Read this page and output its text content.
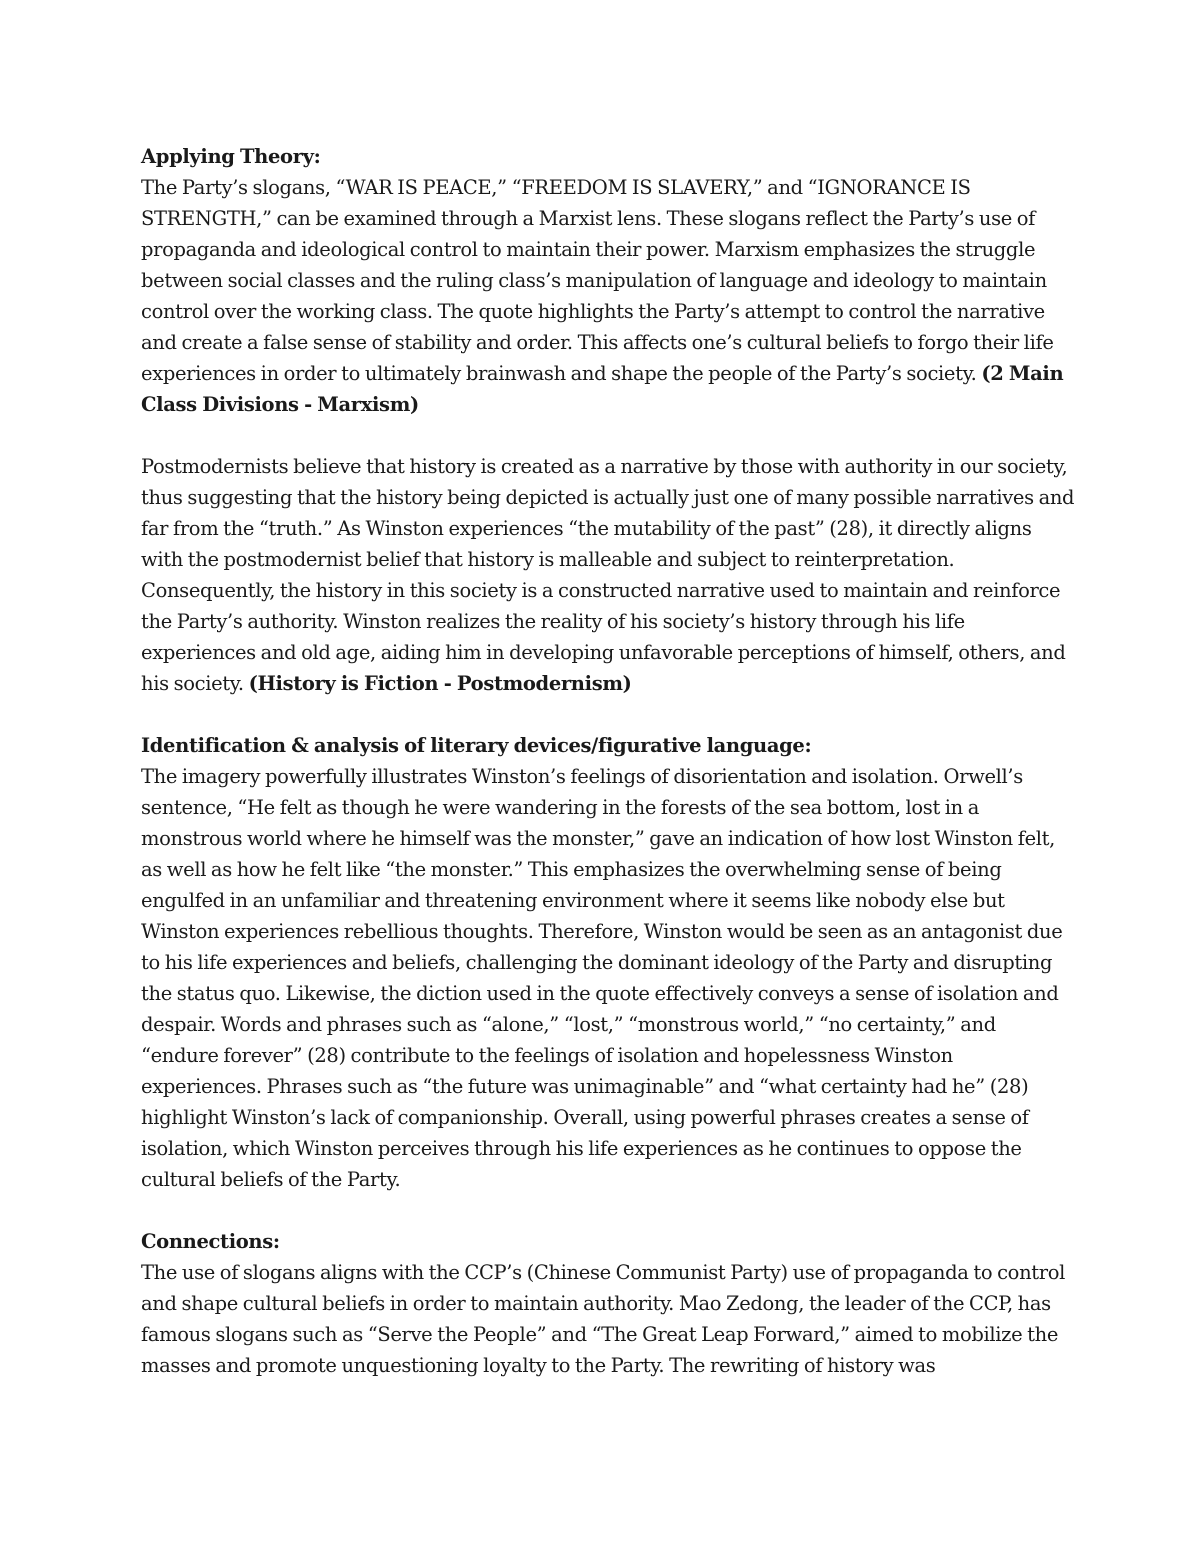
Applying Theory:

The Party’s slogans, “WAR IS PEACE,” “FREEDOM IS SLAVERY,” and “IGNORANCE IS STRENGTH,” can be examined through a Marxist lens. These slogans reflect the Party’s use of propaganda and ideological control to maintain their power. Marxism emphasizes the struggle between social classes and the ruling class’s manipulation of language and ideology to maintain control over the working class. The quote highlights the Party’s attempt to control the narrative and create a false sense of stability and order. This affects one’s cultural beliefs to forgo their life experiences in order to ultimately brainwash and shape the people of the Party’s society. (2 Main Class Divisions - Marxism)

Postmodernists believe that history is created as a narrative by those with authority in our society, thus suggesting that the history being depicted is actually just one of many possible narratives and far from the “truth.” As Winston experiences “the mutability of the past” (28), it directly aligns with the postmodernist belief that history is malleable and subject to reinterpretation. Consequently, the history in this society is a constructed narrative used to maintain and reinforce the Party’s authority. Winston realizes the reality of his society’s history through his life experiences and old age, aiding him in developing unfavorable perceptions of himself, others, and his society. (History is Fiction - Postmodernism)

Identification & analysis of literary devices/figurative language:

The imagery powerfully illustrates Winston’s feelings of disorientation and isolation. Orwell’s sentence, “He felt as though he were wandering in the forests of the sea bottom, lost in a monstrous world where he himself was the monster,” gave an indication of how lost Winston felt, as well as how he felt like “the monster.” This emphasizes the overwhelming sense of being engulfed in an unfamiliar and threatening environment where it seems like nobody else but Winston experiences rebellious thoughts. Therefore, Winston would be seen as an antagonist due to his life experiences and beliefs, challenging the dominant ideology of the Party and disrupting the status quo. Likewise, the diction used in the quote effectively conveys a sense of isolation and despair. Words and phrases such as “alone,” “lost,” “monstrous world,” “no certainty,” and “endure forever” (28) contribute to the feelings of isolation and hopelessness Winston experiences. Phrases such as “the future was unimaginable” and “what certainty had he” (28) highlight Winston’s lack of companionship. Overall, using powerful phrases creates a sense of isolation, which Winston perceives through his life experiences as he continues to oppose the cultural beliefs of the Party.

Connections:

The use of slogans aligns with the CCP’s (Chinese Communist Party) use of propaganda to control and shape cultural beliefs in order to maintain authority. Mao Zedong, the leader of the CCP, has famous slogans such as “Serve the People” and “The Great Leap Forward,” aimed to mobilize the masses and promote unquestioning loyalty to the Party. The rewriting of history was
